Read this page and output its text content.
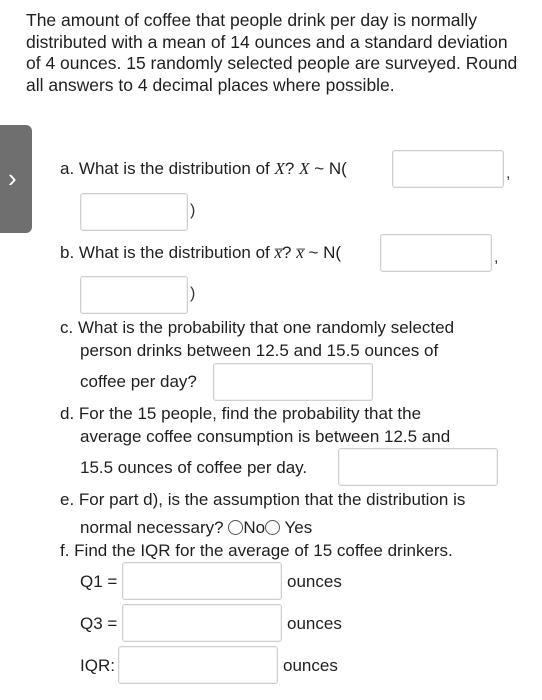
The amount of coffee that people drink per day is normally distributed with a mean of 14 ounces and a standard deviation of 4 ounces. 15 randomly selected people are surveyed. Round all answers to 4 decimal places where possible.
›	a. What is the distribution of X? X ~ N(	,
)
b. What is the distribution of x̅? x̅ ~ N(	,
)
c. What is the probability that one randomly selected
person drinks between 12.5 and 15.5 ounces of
coffee per day?
d. For the 15 people, find the probability that the
average coffee consumption is between 12.5 and
15.5 ounces of coffee per day.
e. For part d), is the assumption that the distribution is
normal necessary? No Yes
f. Find the IQR for the average of 15 coffee drinkers.
Q1 =	ounces
Q3 =	ounces
IQR:	ounces
